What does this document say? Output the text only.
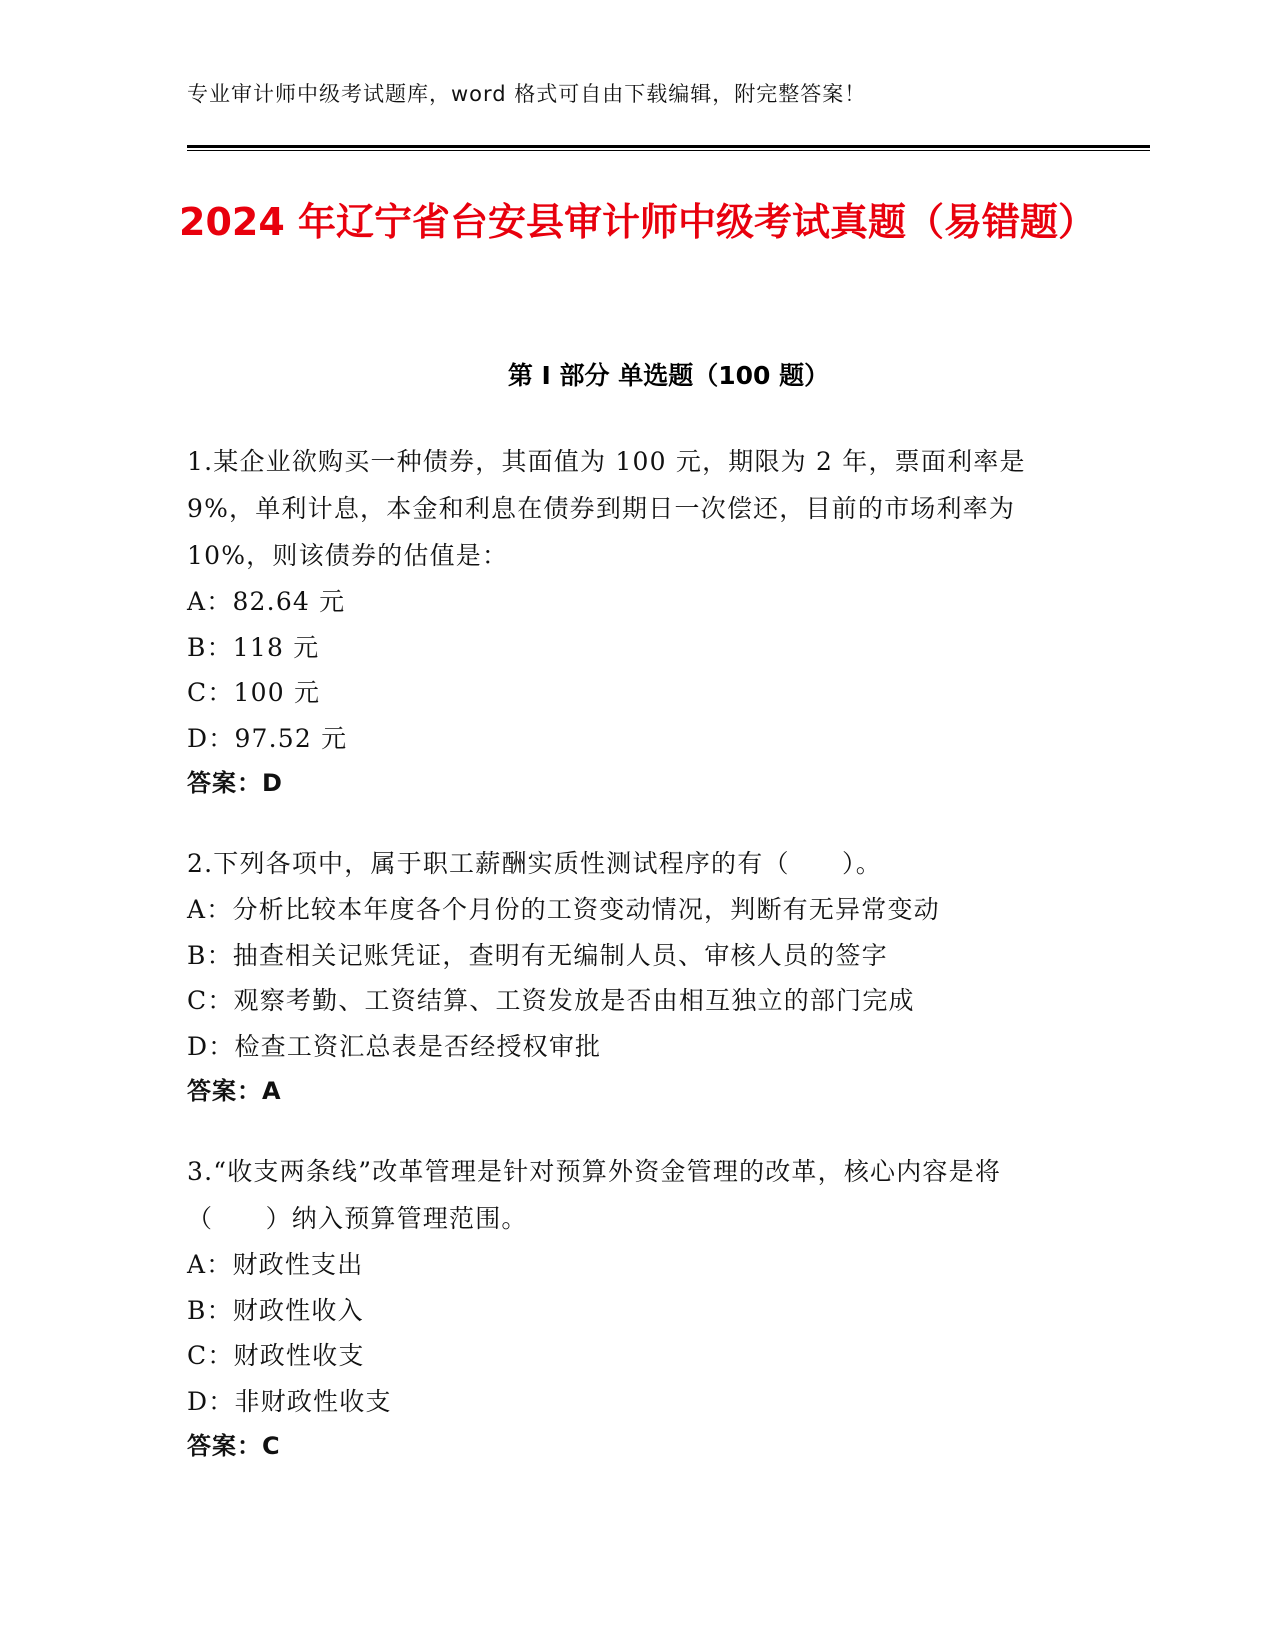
专业审计师中级考试题库，word 格式可自由下载编辑，附完整答案！
2024 年辽宁省台安县审计师中级考试真题（易错题）
第 I 部分 单选题（100 题）
1.某企业欲购买一种债券，其面值为 100 元，期限为 2 年，票面利率是 9%，单利计息，本金和利息在债券到期日一次偿还，目前的市场利率为 10%，则该债券的估值是：
A：82.64 元
B：118 元
C：100 元
D：97.52 元
答案：D
2.下列各项中，属于职工薪酬实质性测试程序的有（　　）。
A：分析比较本年度各个月份的工资变动情况，判断有无异常变动
B：抽查相关记账凭证，查明有无编制人员、审核人员的签字
C：观察考勤、工资结算、工资发放是否由相互独立的部门完成
D：检查工资汇总表是否经授权审批
答案：A
3.“收支两条线”改革管理是针对预算外资金管理的改革，核心内容是将（　　）纳入预算管理范围。
A：财政性支出
B：财政性收入
C：财政性收支
D：非财政性收支
答案：C
